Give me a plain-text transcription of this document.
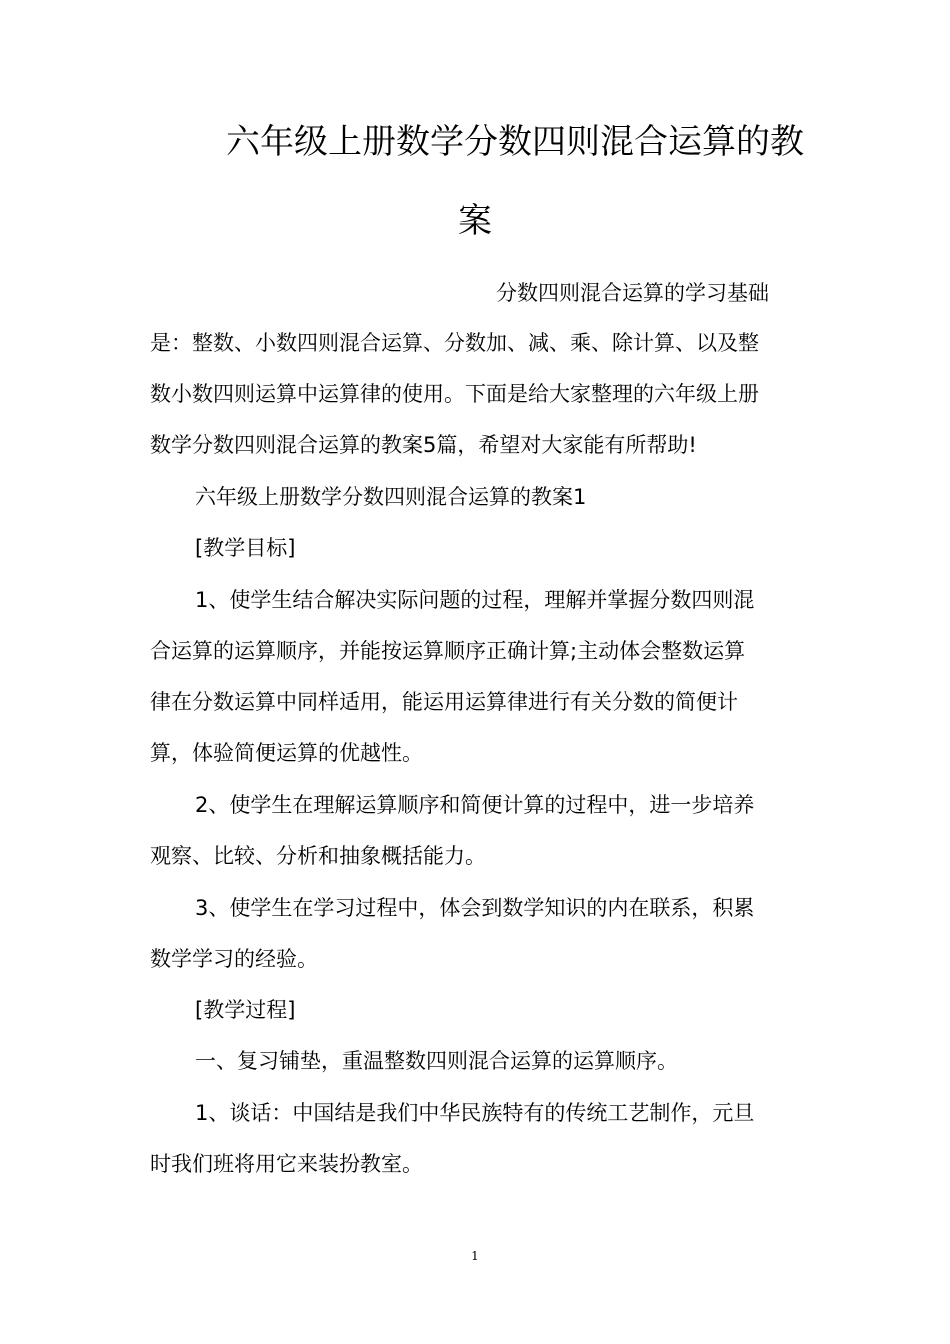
六年级上册数学分数四则混合运算的教
案

分数四则混合运算的学习基础

是：整数、小数四则混合运算、分数加、减、乘、除计算、以及整

数小数四则运算中运算律的使用。下面是给大家整理的六年级上册

数学分数四则混合运算的教案5篇，希望对大家能有所帮助!

六年级上册数学分数四则混合运算的教案1

[教学目标]

1、使学生结合解决实际问题的过程，理解并掌握分数四则混

合运算的运算顺序，并能按运算顺序正确计算;主动体会整数运算

律在分数运算中同样适用，能运用运算律进行有关分数的简便计

算，体验简便运算的优越性。

2、使学生在理解运算顺序和简便计算的过程中，进一步培养

观察、比较、分析和抽象概括能力。

3、使学生在学习过程中，体会到数学知识的内在联系，积累

数学学习的经验。

[教学过程]

一、复习铺垫，重温整数四则混合运算的运算顺序。

1、谈话：中国结是我们中华民族特有的传统工艺制作，元旦

时我们班将用它来装扮教室。

1
